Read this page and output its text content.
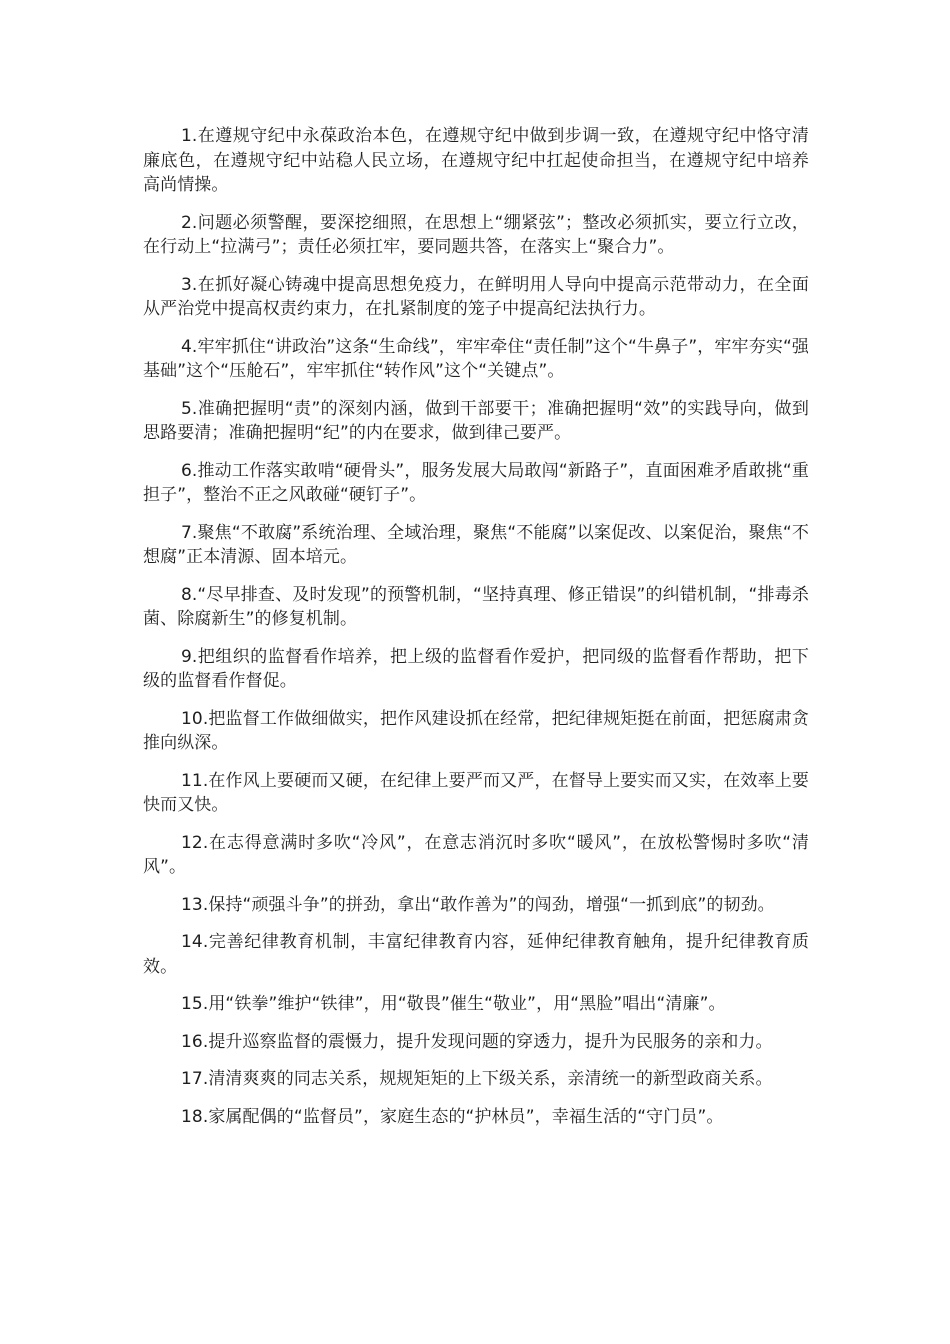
1.在遵规守纪中永葆政治本色，在遵规守纪中做到步调一致，在遵规守纪中恪守清廉底色，在遵规守纪中站稳人民立场，在遵规守纪中扛起使命担当，在遵规守纪中培养高尚情操。

2.问题必须警醒，要深挖细照，在思想上“绷紧弦”；整改必须抓实，要立行立改，在行动上“拉满弓”；责任必须扛牢，要同题共答，在落实上“聚合力”。

3.在抓好凝心铸魂中提高思想免疫力，在鲜明用人导向中提高示范带动力，在全面从严治党中提高权责约束力，在扎紧制度的笼子中提高纪法执行力。

4.牢牢抓住“讲政治”这条“生命线”，牢牢牵住“责任制”这个“牛鼻子”，牢牢夯实“强基础”这个“压舱石”，牢牢抓住“转作风”这个“关键点”。

5.准确把握明“责”的深刻内涵，做到干部要干；准确把握明“效”的实践导向，做到思路要清；准确把握明“纪”的内在要求，做到律己要严。

6.推动工作落实敢啃“硬骨头”，服务发展大局敢闯“新路子”，直面困难矛盾敢挑“重担子”，整治不正之风敢碰“硬钉子”。

7.聚焦“不敢腐”系统治理、全域治理，聚焦“不能腐”以案促改、以案促治，聚焦“不想腐”正本清源、固本培元。

8.“尽早排查、及时发现”的预警机制，“坚持真理、修正错误”的纠错机制，“排毒杀菌、除腐新生”的修复机制。

9.把组织的监督看作培养，把上级的监督看作爱护，把同级的监督看作帮助，把下级的监督看作督促。

10.把监督工作做细做实，把作风建设抓在经常，把纪律规矩挺在前面，把惩腐肃贪推向纵深。

11.在作风上要硬而又硬，在纪律上要严而又严，在督导上要实而又实，在效率上要快而又快。

12.在志得意满时多吹“冷风”，在意志消沉时多吹“暖风”，在放松警惕时多吹“清风”。

13.保持“顽强斗争”的拼劲，拿出“敢作善为”的闯劲，增强“一抓到底”的韧劲。

14.完善纪律教育机制，丰富纪律教育内容，延伸纪律教育触角，提升纪律教育质效。

15.用“铁拳”维护“铁律”，用“敬畏”催生“敬业”，用“黑脸”唱出“清廉”。

16.提升巡察监督的震慑力，提升发现问题的穿透力，提升为民服务的亲和力。

17.清清爽爽的同志关系，规规矩矩的上下级关系，亲清统一的新型政商关系。

18.家属配偶的“监督员”，家庭生态的“护林员”，幸福生活的“守门员”。
